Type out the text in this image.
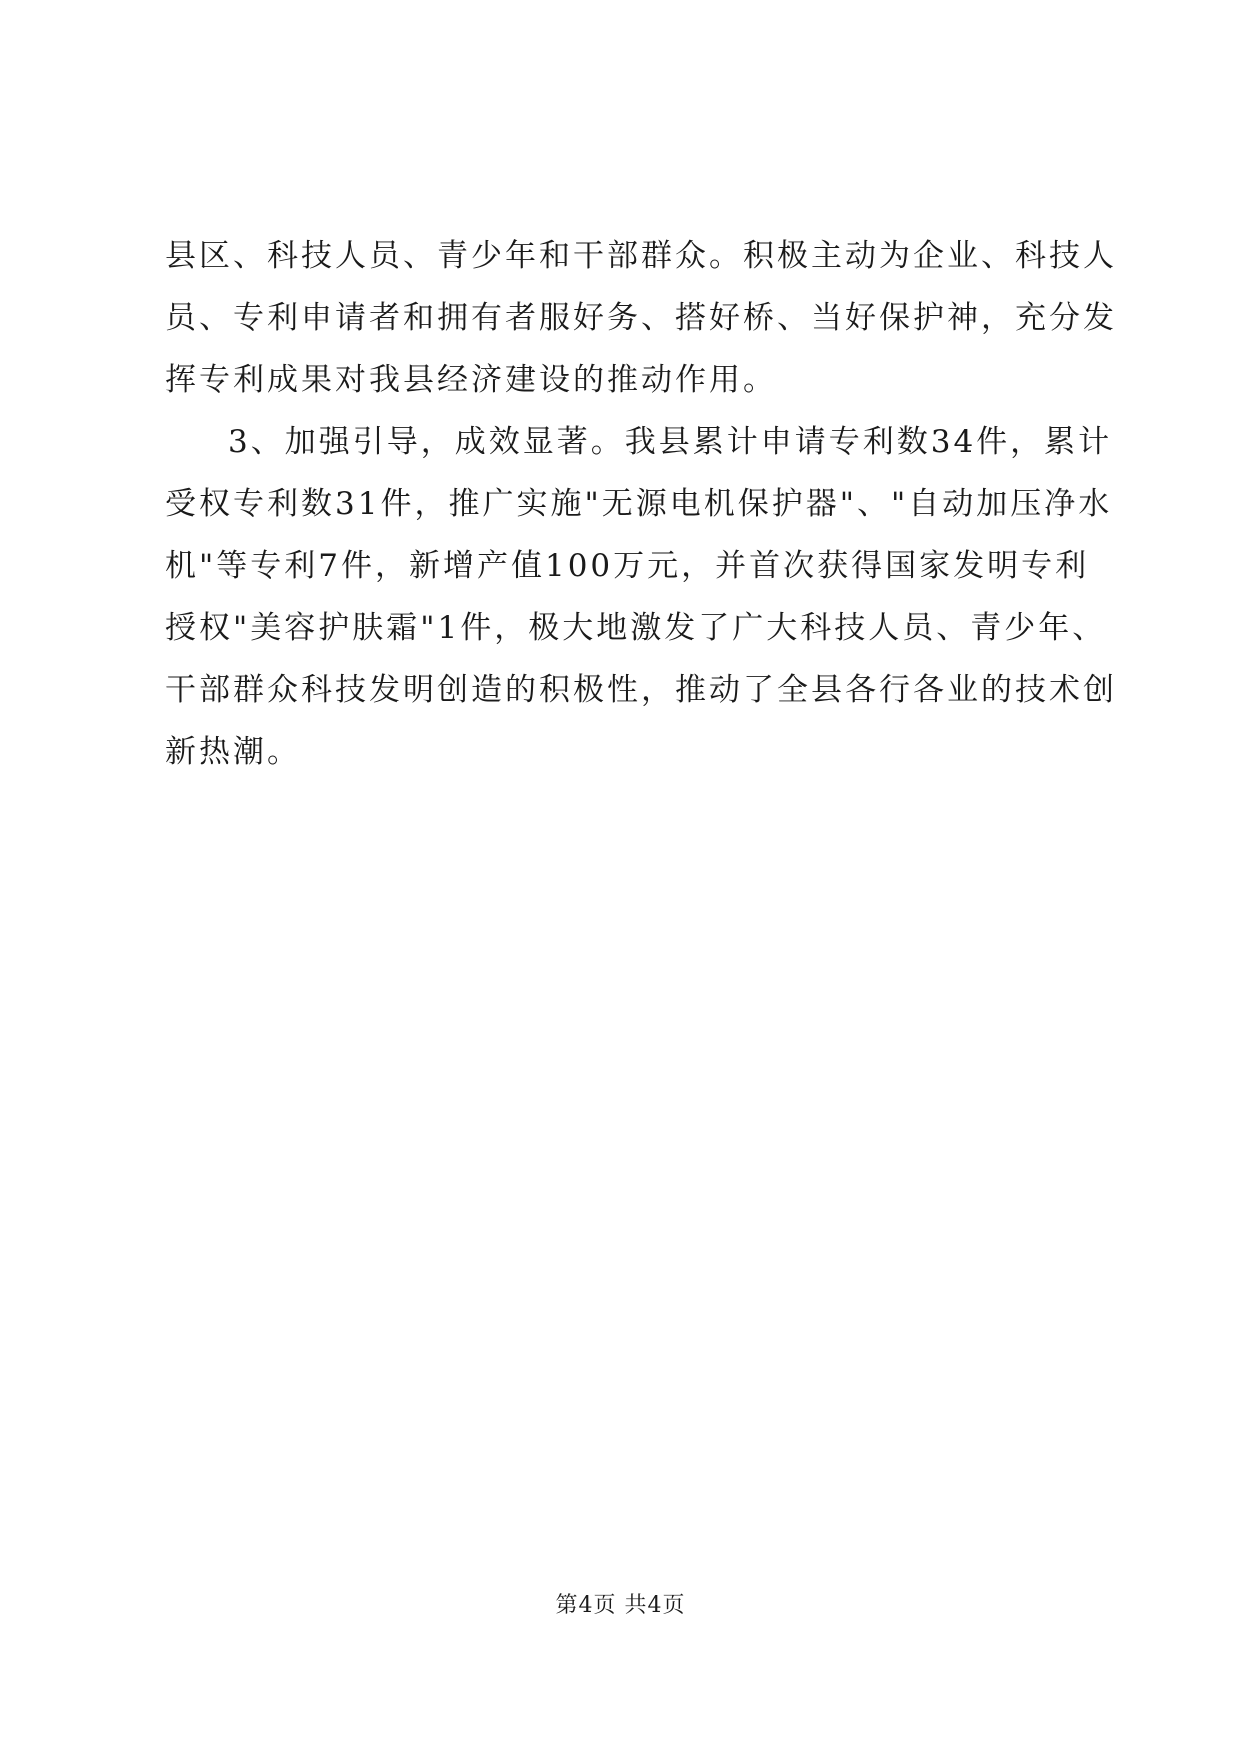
县区、科技人员、青少年和干部群众。积极主动为企业、科技人
员、专利申请者和拥有者服好务、搭好桥、当好保护神，充分发
挥专利成果对我县经济建设的推动作用。
3、加强引导，成效显著。我县累计申请专利数34件，累计
受权专利数31件，推广实施"无源电机保护器"、"自动加压净水
机"等专利7件，新增产值100万元，并首次获得国家发明专利
授权"美容护肤霜"1件，极大地激发了广大科技人员、青少年、
干部群众科技发明创造的积极性，推动了全县各行各业的技术创
新热潮。
第4页 共4页
